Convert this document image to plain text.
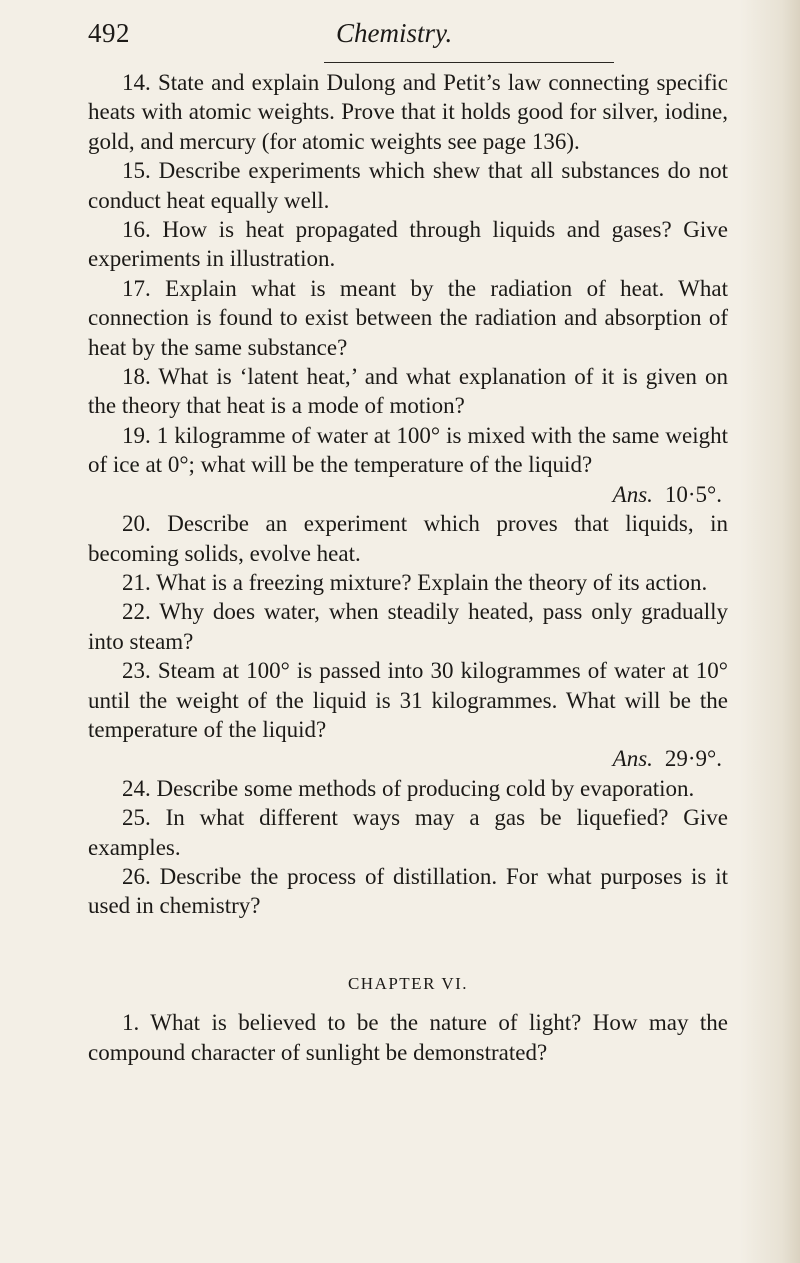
492	Chemistry.

14. State and explain Dulong and Petit’s law connecting specific heats with atomic weights. Prove that it holds good for silver, iodine, gold, and mercury (for atomic weights see page 136).

15. Describe experiments which shew that all substances do not conduct heat equally well.

16. How is heat propagated through liquids and gases? Give experiments in illustration.

17. Explain what is meant by the radiation of heat. What connection is found to exist between the radiation and absorption of heat by the same substance?

18. What is ‘latent heat,’ and what explanation of it is given on the theory that heat is a mode of motion?

19. 1 kilogramme of water at 100° is mixed with the same weight of ice at 0°; what will be the temperature of the liquid?

Ans. 10·5°.

20. Describe an experiment which proves that liquids, in becoming solids, evolve heat.

21. What is a freezing mixture? Explain the theory of its action.

22. Why does water, when steadily heated, pass only gradually into steam?

23. Steam at 100° is passed into 30 kilogrammes of water at 10° until the weight of the liquid is 31 kilogrammes. What will be the temperature of the liquid?

Ans. 29·9°.

24. Describe some methods of producing cold by evaporation.

25. In what different ways may a gas be liquefied? Give examples.

26. Describe the process of distillation. For what purposes is it used in chemistry?

CHAPTER VI.

1. What is believed to be the nature of light? How may the compound character of sunlight be demonstrated?
